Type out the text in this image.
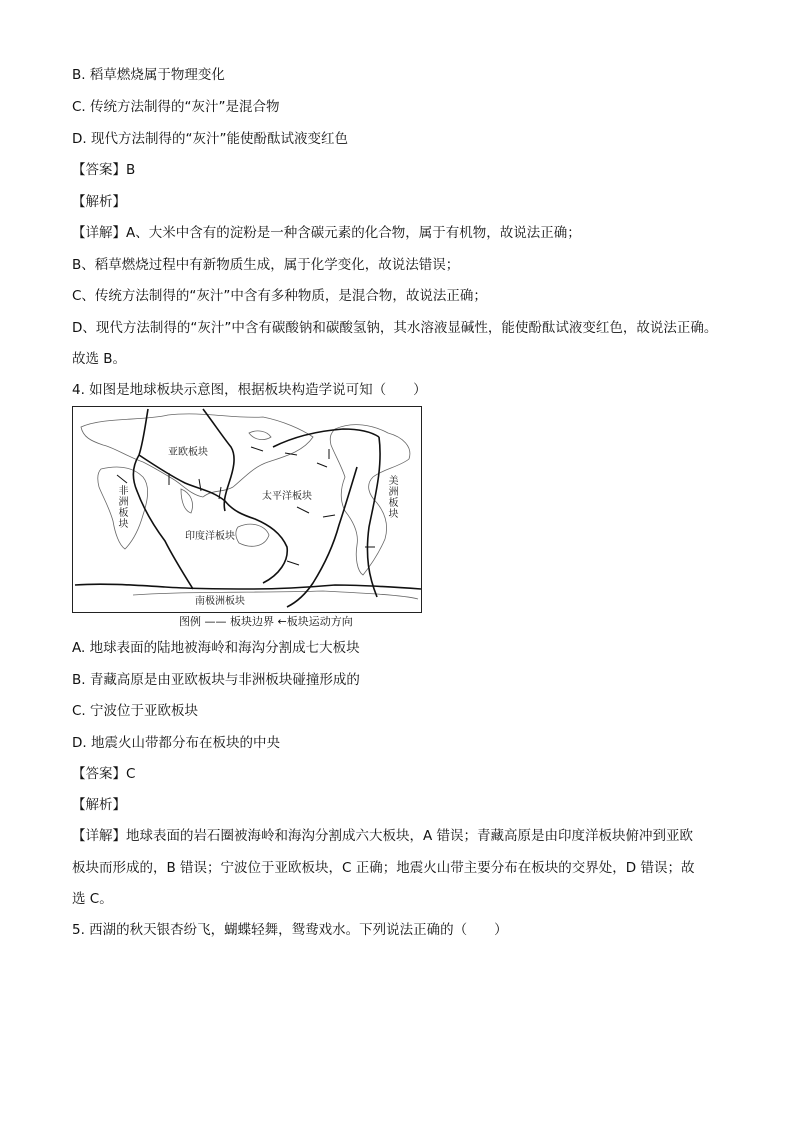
B. 稻草燃烧属于物理变化
C. 传统方法制得的“灰汁”是混合物
D. 现代方法制得的“灰汁”能使酚酞试液变红色
【答案】B
【解析】
【详解】A、大米中含有的淀粉是一种含碳元素的化合物，属于有机物，故说法正确；
B、稻草燃烧过程中有新物质生成，属于化学变化，故说法错误；
C、传统方法制得的“灰汁”中含有多种物质，是混合物，故说法正确；
D、现代方法制得的“灰汁”中含有碳酸钠和碳酸氢钠，其水溶液显碱性，能使酚酞试液变红色，故说法正确。
故选 B。
4. 如图是地球板块示意图，根据板块构造学说可知（　　）
亚欧板块
非洲板块	太平洋板块	美洲板块
印度洋板块
南极洲板块
图例 —— 板块边界 ←板块运动方向
A. 地球表面的陆地被海岭和海沟分割成七大板块
B. 青藏高原是由亚欧板块与非洲板块碰撞形成的
C. 宁波位于亚欧板块
D. 地震火山带都分布在板块的中央
【答案】C
【解析】
【详解】地球表面的岩石圈被海岭和海沟分割成六大板块，A 错误；青藏高原是由印度洋板块俯冲到亚欧
板块而形成的，B 错误；宁波位于亚欧板块，C 正确；地震火山带主要分布在板块的交界处，D 错误；故
选 C。
5. 西湖的秋天银杏纷飞，蝴蝶轻舞，鸳鸯戏水。下列说法正确的（　　）
